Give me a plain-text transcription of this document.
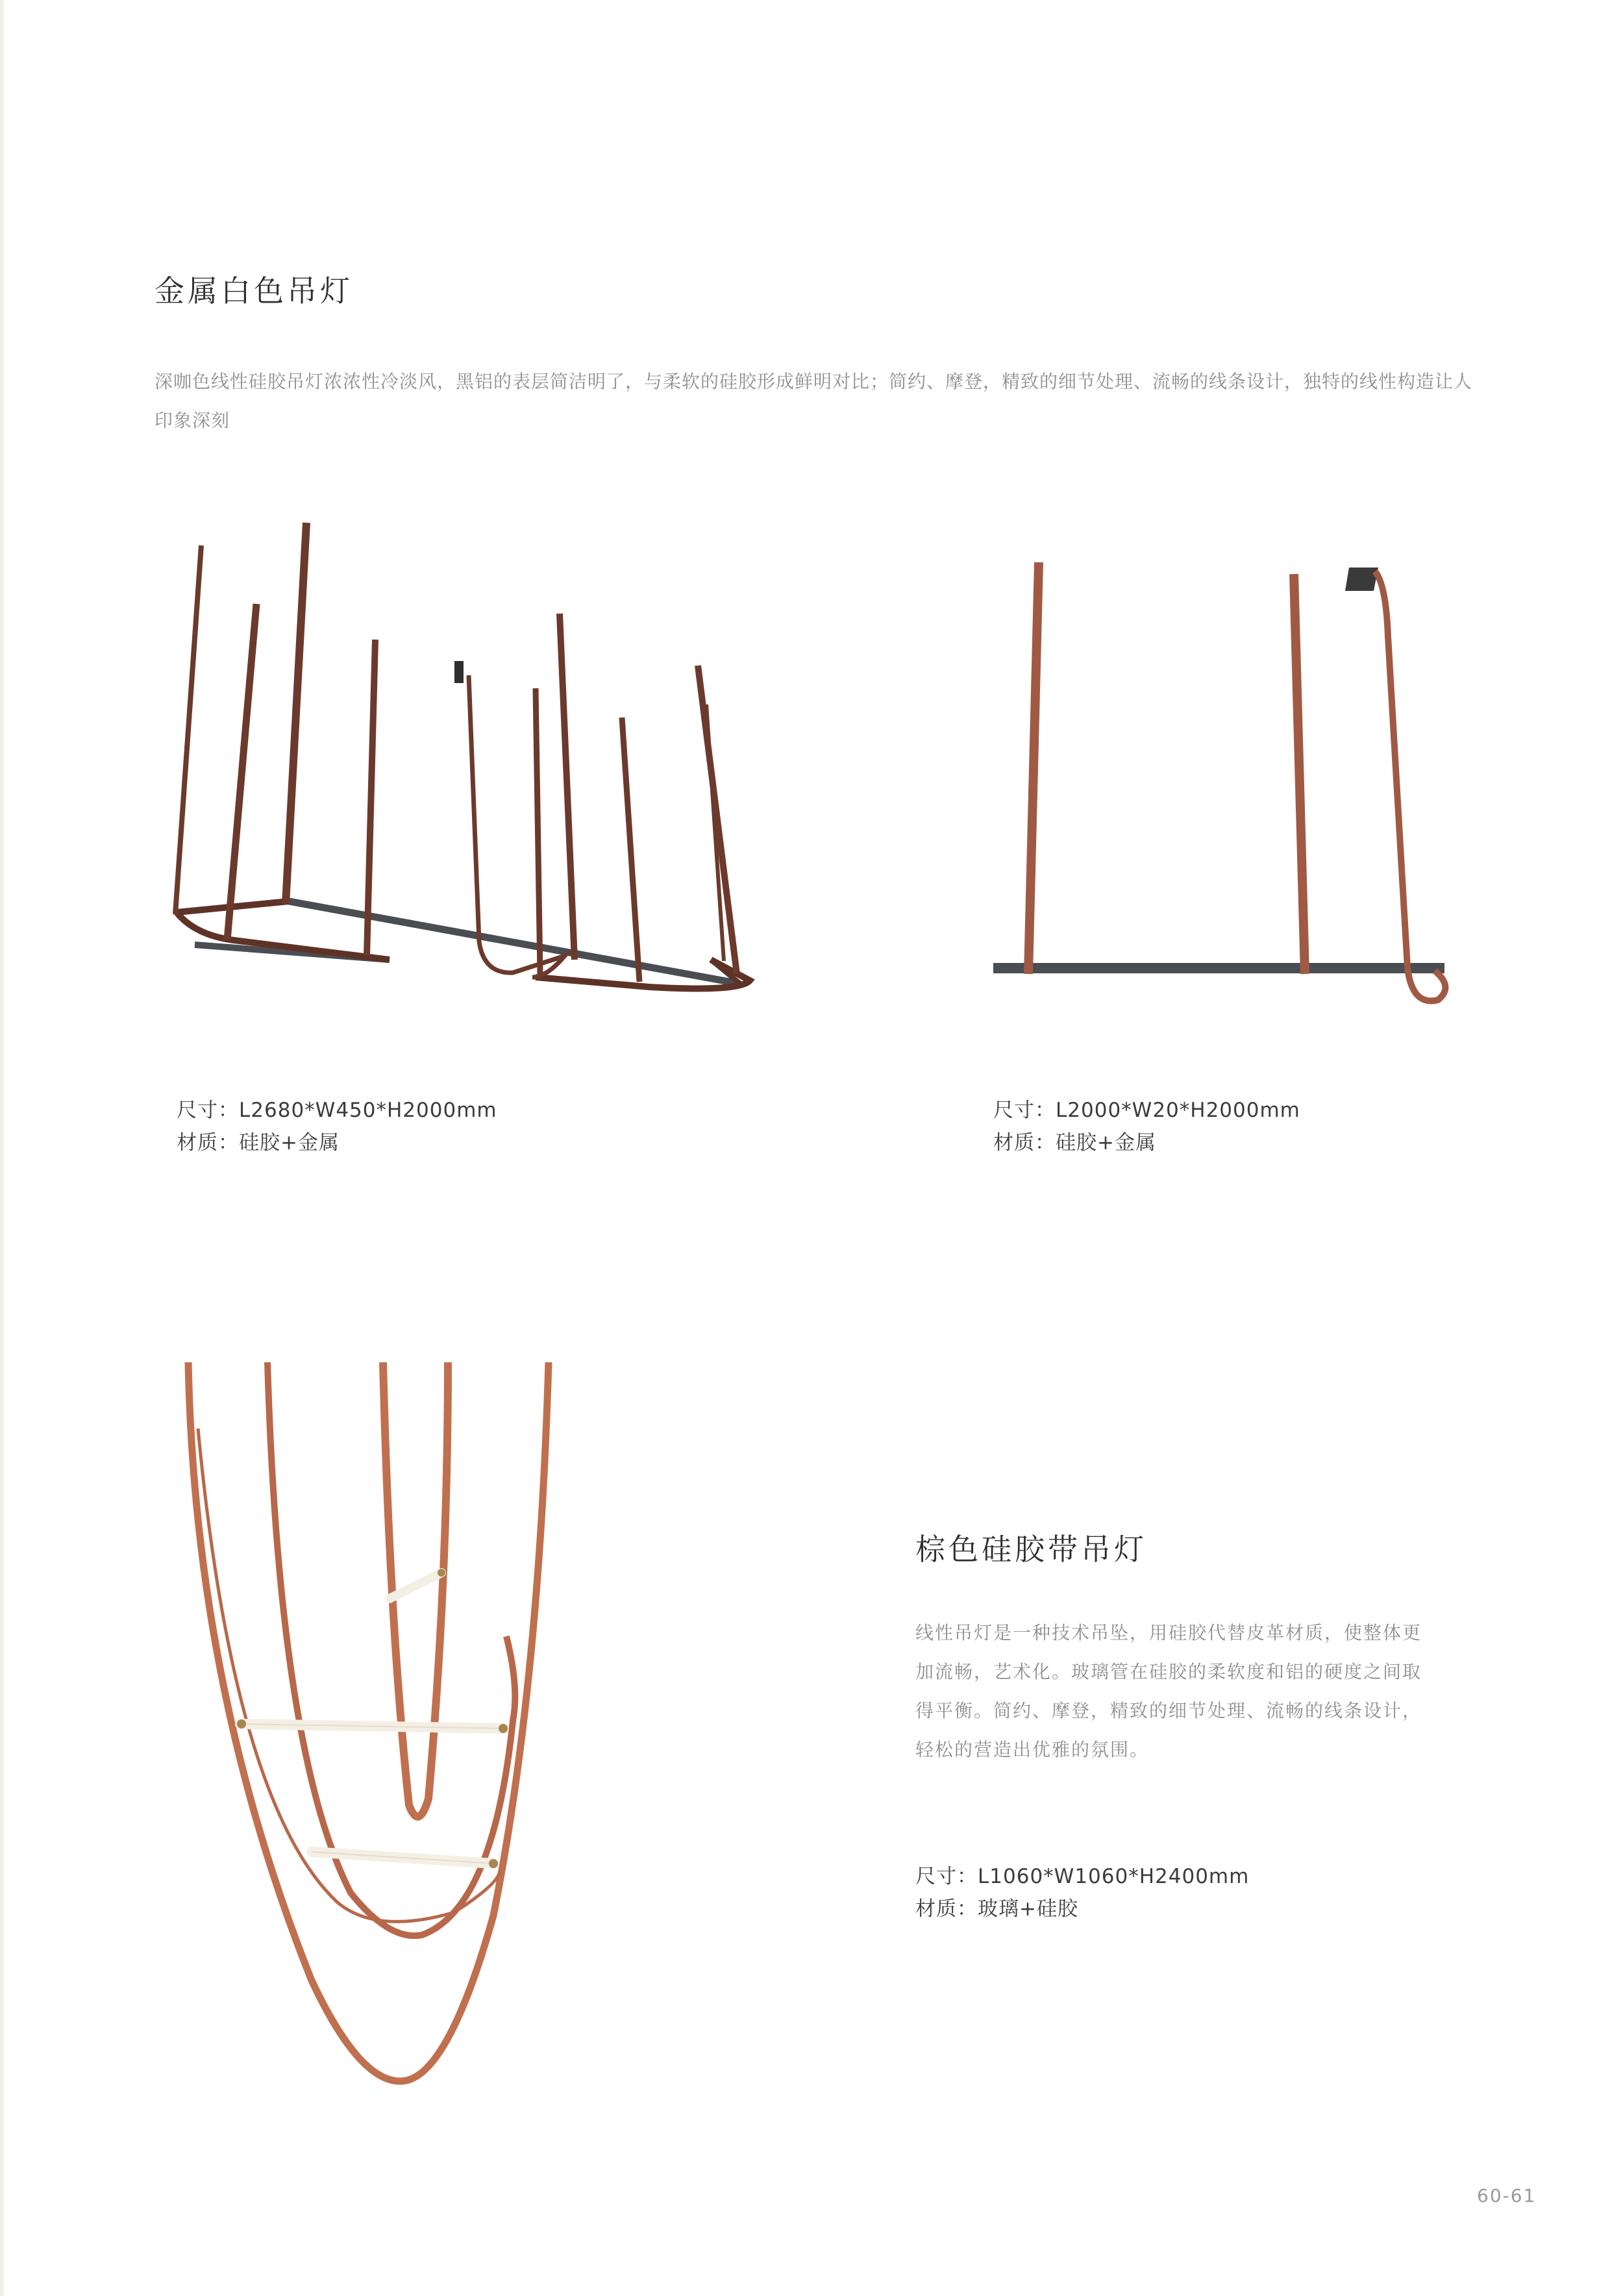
金属白色吊灯
深咖色线性硅胶吊灯浓浓性冷淡风，黑铝的表层简洁明了，与柔软的硅胶形成鲜明对比；简约、摩登，精致的细节处理、流畅的线条设计，独特的线性构造让人印象深刻
尺寸：L2680*W450*H2000mm
材质：硅胶+金属
尺寸：L2000*W20*H2000mm
材质：硅胶+金属
棕色硅胶带吊灯
线性吊灯是一种技术吊坠，用硅胶代替皮革材质，使整体更加流畅，艺术化。玻璃管在硅胶的柔软度和铝的硬度之间取得平衡。简约、摩登，精致的细节处理、流畅的线条设计，轻松的营造出优雅的氛围。
尺寸：L1060*W1060*H2400mm
材质：玻璃+硅胶
60-61
